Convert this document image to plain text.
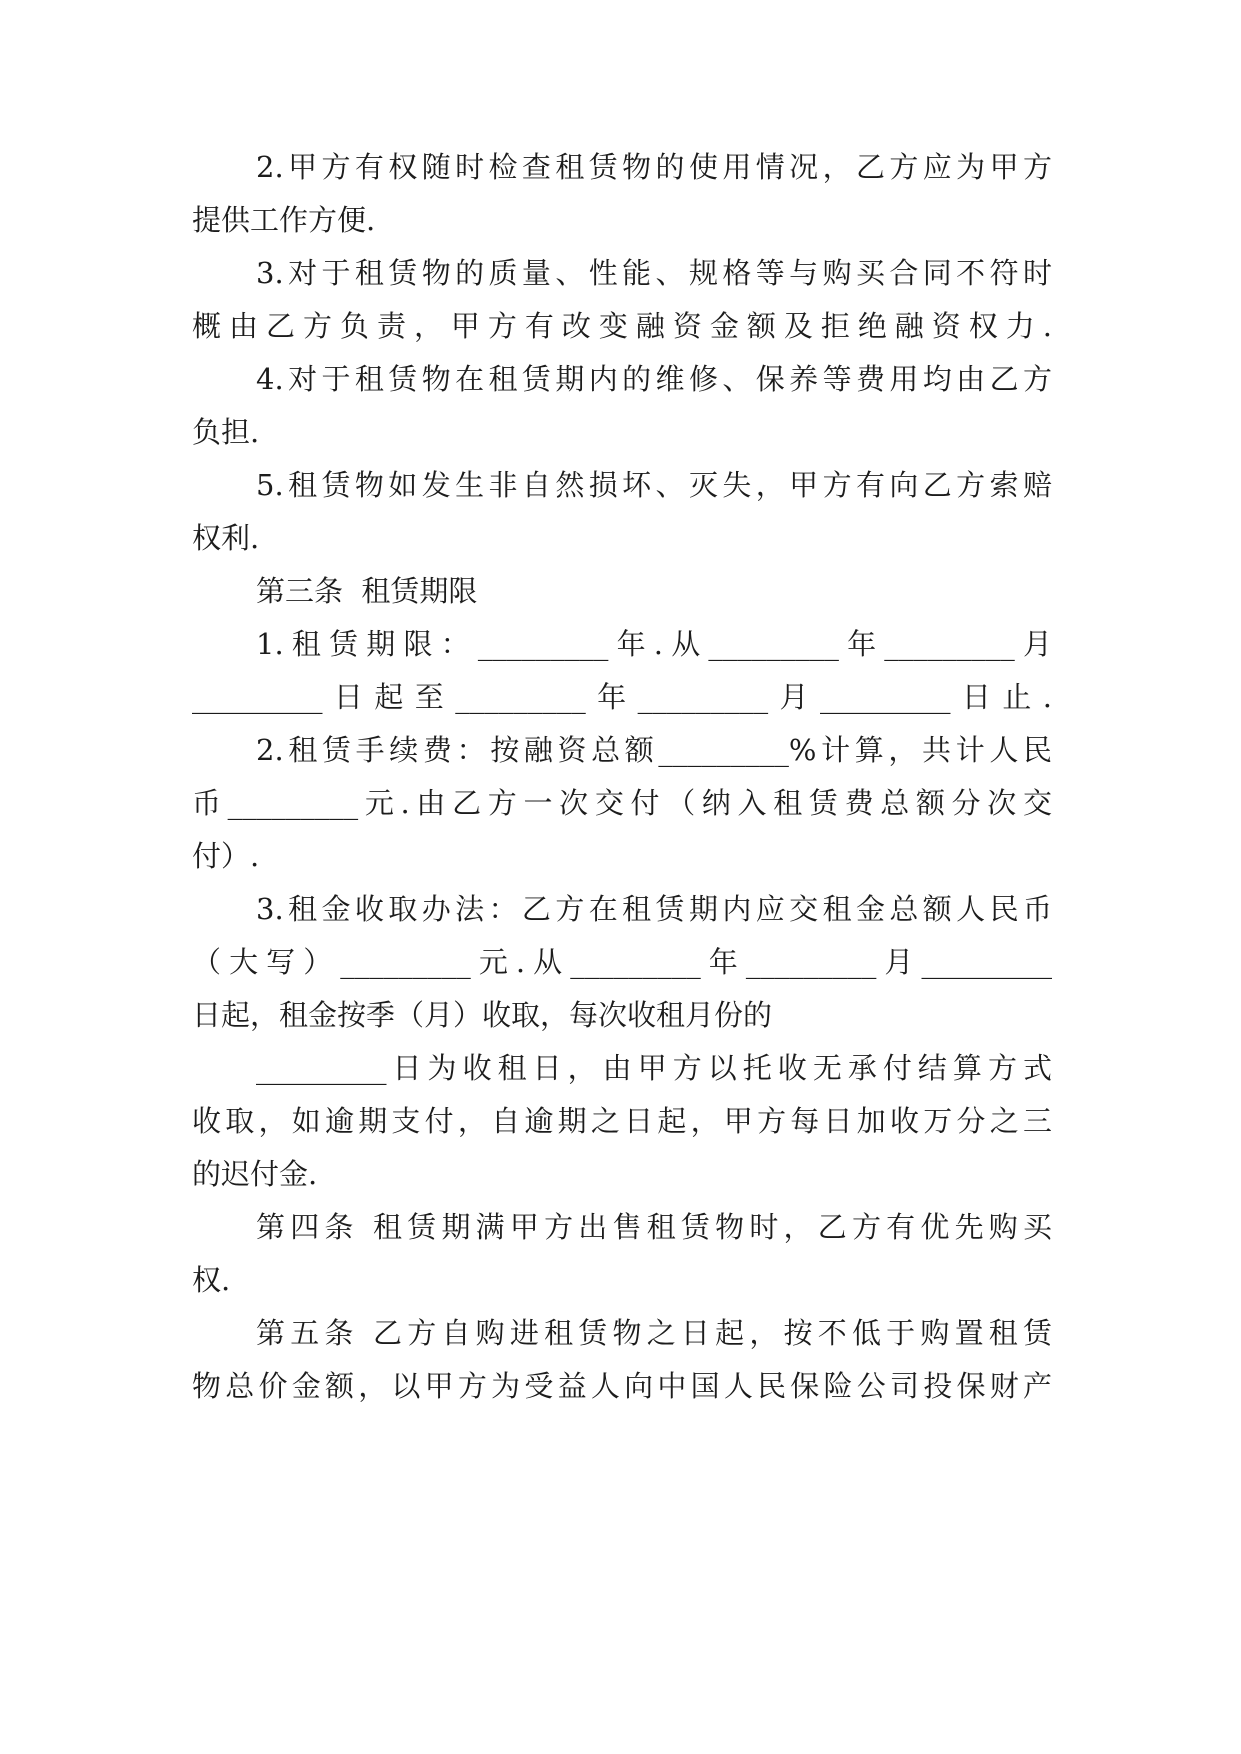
2.甲方有权随时检查租赁物的使用情况，乙方应为甲方
提供工作方便.
3.对于租赁物的质量、性能、规格等与购买合同不符时
概由乙方负责，甲方有改变融资金额及拒绝融资权力.
4.对于租赁物在租赁期内的维修、保养等费用均由乙方
负担.
5.租赁物如发生非自然损坏、灭失，甲方有向乙方索赔
权利.
第三条  租赁期限
1.租赁期限：_________年.从_________年_________月
_________日起至_________年_________月_________日止.
2.租赁手续费：按融资总额_________%计算，共计人民
币_________元.由乙方一次交付（纳入租赁费总额分次交
付）.
3.租金收取办法：乙方在租赁期内应交租金总额人民币
（大写）_________元.从_________年_________月_________
日起，租金按季（月）收取，每次收租月份的
_________日为收租日，由甲方以托收无承付结算方式
收取，如逾期支付，自逾期之日起，甲方每日加收万分之三
的迟付金.
第四条 租赁期满甲方出售租赁物时，乙方有优先购买
权.
第五条 乙方自购进租赁物之日起，按不低于购置租赁
物总价金额，以甲方为受益人向中国人民保险公司投保财产
